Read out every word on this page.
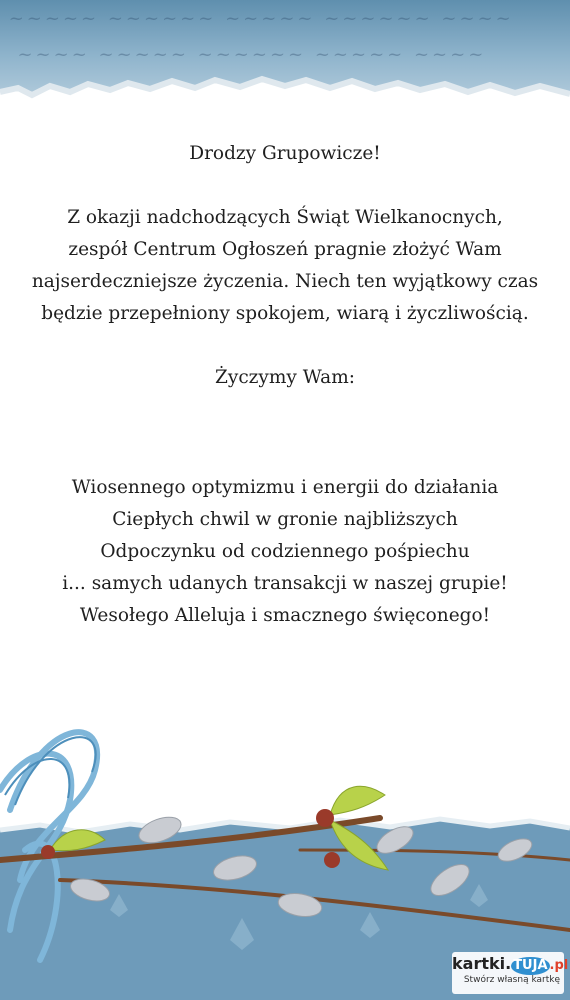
~~~~~ ~~~~~~ ~~~~~ ~~~~~~ ~~~~
~~~~ ~~~~~ ~~~~~~ ~~~~~ ~~~~

Drodzy Grupowicze!

Z okazji nadchodzących Świąt Wielkanocnych,

zespół Centrum Ogłoszeń pragnie złożyć Wam

najserdeczniejsze życzenia. Niech ten wyjątkowy czas

będzie przepełniony spokojem, wiarą i życzliwością.

Życzymy Wam:

Wiosennego optymizmu i energii do działania

Ciepłych chwil w gronie najbliższych

Odpoczynku od codziennego pośpiechu

i... samych udanych transakcji w naszej grupie!

Wesołego Alleluja i smacznego święconego!

kartki. TUJA .pl
Stwórz własną kartkę
